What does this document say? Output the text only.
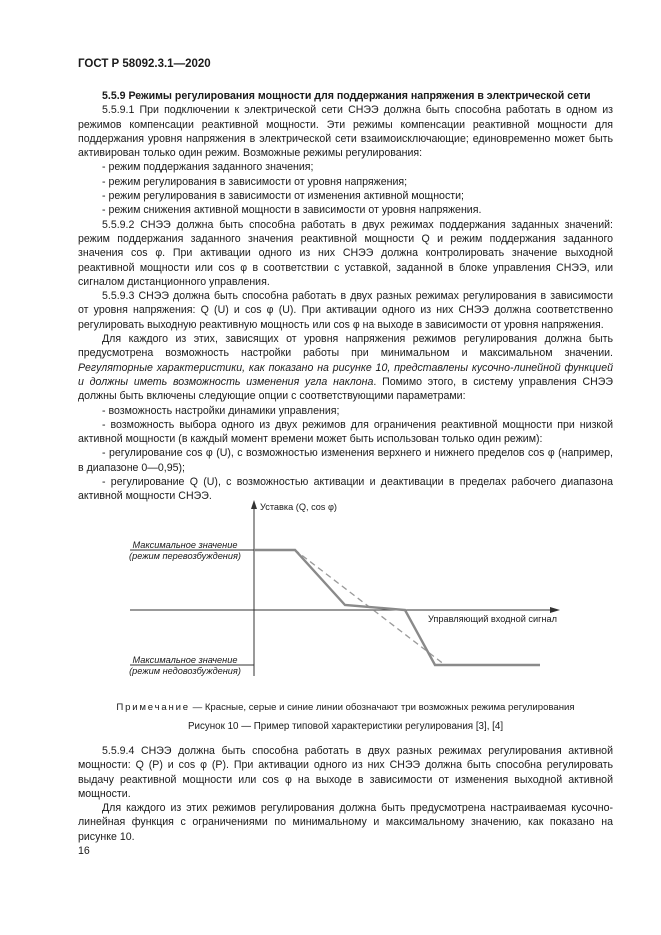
ГОСТ Р 58092.3.1—2020

5.5.9 Режимы регулирования мощности для поддержания напряжения в электрической сети

5.5.9.1 При подключении к электрической сети СНЭЭ должна быть способна работать в одном из режимов компенсации реактивной мощности. Эти режимы компенсации реактивной мощности для поддержания уровня напряжения в электрической сети взаимоисключающие; единовременно может быть активирован только один режим. Возможные режимы регулирования:

- режим поддержания заданного значения;

- режим регулирования в зависимости от уровня напряжения;

- режим регулирования в зависимости от изменения активной мощности;

- режим снижения активной мощности в зависимости от уровня напряжения.

5.5.9.2 СНЭЭ должна быть способна работать в двух режимах поддержания заданных значений: режим поддержания заданного значения реактивной мощности Q и режим поддержания заданного значения cos φ. При активации одного из них СНЭЭ должна контролировать значение выходной реактивной мощности или cos φ в соответствии с уставкой, заданной в блоке управления СНЭЭ, или сигналом дистанционного управления.

5.5.9.3 СНЭЭ должна быть способна работать в двух разных режимах регулирования в зависимости от уровня напряжения: Q (U) и cos φ (U). При активации одного из них СНЭЭ должна соответственно регулировать выходную реактивную мощность или cos φ на выходе в зависимости от уровня напряжения.

Для каждого из этих, зависящих от уровня напряжения режимов регулирования должна быть предусмотрена возможность настройки работы при минимальном и максимальном значении. Регуляторные характеристики, как показано на рисунке 10, представлены кусочно-линейной функцией и должны иметь возможность изменения угла наклона. Помимо этого, в систему управления СНЭЭ должны быть включены следующие опции с соответствующими параметрами:

- возможность настройки динамики управления;

- возможность выбора одного из двух режимов для ограничения реактивной мощности при низкой активной мощности (в каждый момент времени может быть использован только один режим):

- регулирование cos φ (U), с возможностью изменения верхнего и нижнего пределов cos φ (например, в диапазоне 0—0,95);

- регулирование Q (U), с возможностью активации и деактивации в пределах рабочего диапазона активной мощности СНЭЭ.

Уставка (Q, cos φ)
Управляющий входной сигнал
Максимальное значение
(режим перевозбуждения)
Максимальное значение
(режим недовозбуждения)
Примечание — Красные, серые и синие линии обозначают три возможных режима регулирования
Рисунок 10 — Пример типовой характеристики регулирования [3], [4]

5.5.9.4 СНЭЭ должна быть способна работать в двух разных режимах регулирования активной мощности: Q (P) и cos φ (P). При активации одного из них СНЭЭ должна быть способна регулировать выдачу реактивной мощности или cos φ на выходе в зависимости от изменения выходной активной мощности.

Для каждого из этих режимов регулирования должна быть предусмотрена настраиваемая кусочно-линейная функция с ограничениями по минимальному и максимальному значению, как показано на рисунке 10.

16
